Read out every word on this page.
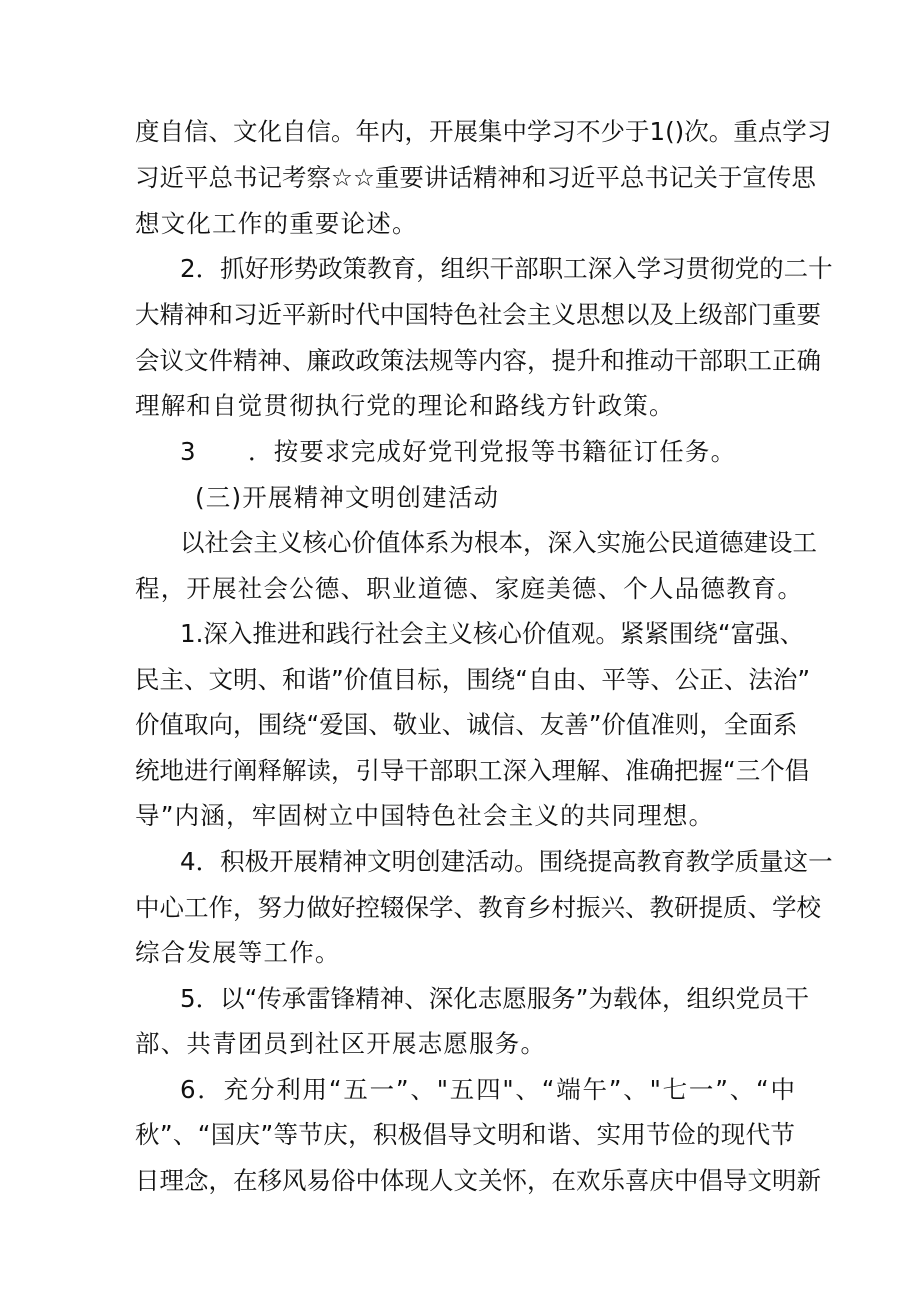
度自信、文化自信。年内，开展集中学习不少于1()次。重点学习
习近平总书记考察☆☆重要讲话精神和习近平总书记关于宣传思
想文化工作的重要论述。
2．抓好形势政策教育，组织干部职工深入学习贯彻党的二十
大精神和习近平新时代中国特色社会主义思想以及上级部门重要
会议文件精神、廉政政策法规等内容，提升和推动干部职工正确
理解和自觉贯彻执行党的理论和路线方针政策。
3 ．按要求完成好党刊党报等书籍征订任务。
(三)开展精神文明创建活动
以社会主义核心价值体系为根本，深入实施公民道德建设工
程，开展社会公德、职业道德、家庭美德、个人品德教育。
1.深入推进和践行社会主义核心价值观。紧紧围绕“富强、
民主、文明、和谐”价值目标，围绕“自由、平等、公正、法治”
价值取向，围绕“爱国、敬业、诚信、友善”价值准则，全面系
统地进行阐释解读，引导干部职工深入理解、准确把握“三个倡
导”内涵，牢固树立中国特色社会主义的共同理想。
4．积极开展精神文明创建活动。围绕提高教育教学质量这一
中心工作，努力做好控辍保学、教育乡村振兴、教研提质、学校
综合发展等工作。
5．以“传承雷锋精神、深化志愿服务”为载体，组织党员干
部、共青团员到社区开展志愿服务。
6．充分利用“五一”、"五四"、“端午”、"七一”、“中
秋”、“国庆”等节庆，积极倡导文明和谐、实用节俭的现代节
日理念，在移风易俗中体现人文关怀，在欢乐喜庆中倡导文明新
